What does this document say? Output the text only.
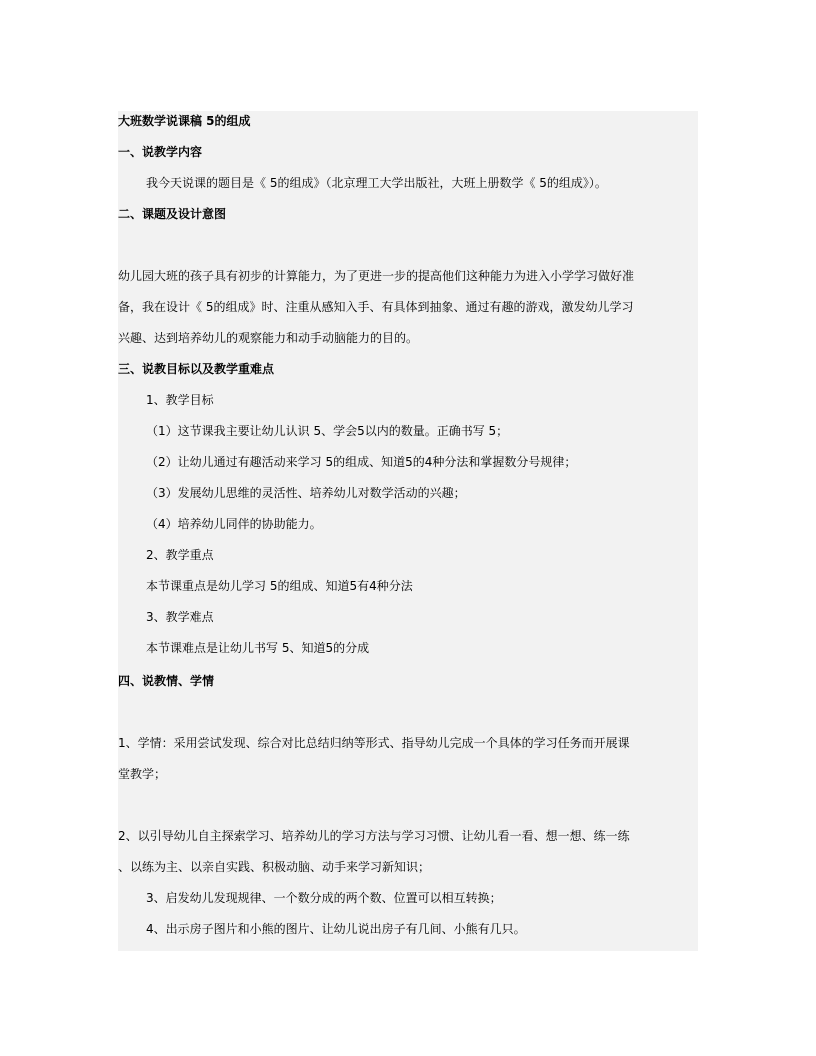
大班数学说课稿 5的组成
一、说教学内容
我今天说课的题目是《 5的组成》（北京理工大学出版社，大班上册数学《 5的组成》）。
二、课题及设计意图
幼儿园大班的孩子具有初步的计算能力，为了更进一步的提高他们这种能力为进入小学学习做好准
备，我在设计《 5的组成》时、注重从感知入手、有具体到抽象、通过有趣的游戏，激发幼儿学习
兴趣、达到培养幼儿的观察能力和动手动脑能力的目的。
三、说教目标以及教学重难点
1、教学目标
（1）这节课我主要让幼儿认识 5、学会5以内的数量。正确书写 5；
（2）让幼儿通过有趣活动来学习 5的组成、知道5的4种分法和掌握数分号规律；
（3）发展幼儿思维的灵活性、培养幼儿对数学活动的兴趣；
（4）培养幼儿同伴的协助能力。
2、教学重点
本节课重点是幼儿学习 5的组成、知道5有4种分法
3、教学难点
本节课难点是让幼儿书写 5、知道5的分成
四、说教情、学情
1、学情：采用尝试发现、综合对比总结归纳等形式、指导幼儿完成一个具体的学习任务而开展课
堂教学；
2、以引导幼儿自主探索学习、培养幼儿的学习方法与学习习惯、让幼儿看一看、想一想、练一练
、以练为主、以亲自实践、积极动脑、动手来学习新知识；
3、启发幼儿发现规律、一个数分成的两个数、位置可以相互转换；
4、出示房子图片和小熊的图片、让幼儿说出房子有几间、小熊有几只。
